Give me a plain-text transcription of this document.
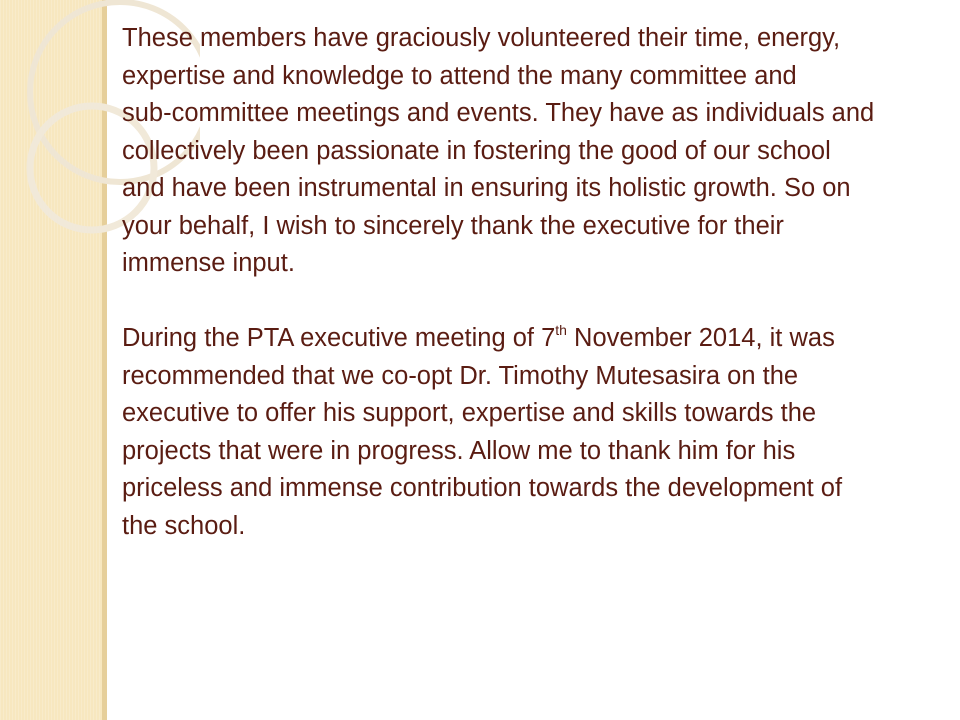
These members have graciously volunteered their time, energy,
expertise and knowledge to attend the many committee and
sub-committee meetings and events. They have as individuals and
collectively been passionate in fostering the good of our school
and have been instrumental in ensuring its holistic growth. So on
your behalf, I wish to sincerely thank the executive for their
immense input.

During the PTA executive meeting of 7th November 2014, it was
recommended that we co-opt Dr. Timothy Mutesasira on the
executive to offer his support, expertise and skills towards the
projects that were in progress. Allow me to thank him for his
priceless and immense contribution towards the development of
the school.
